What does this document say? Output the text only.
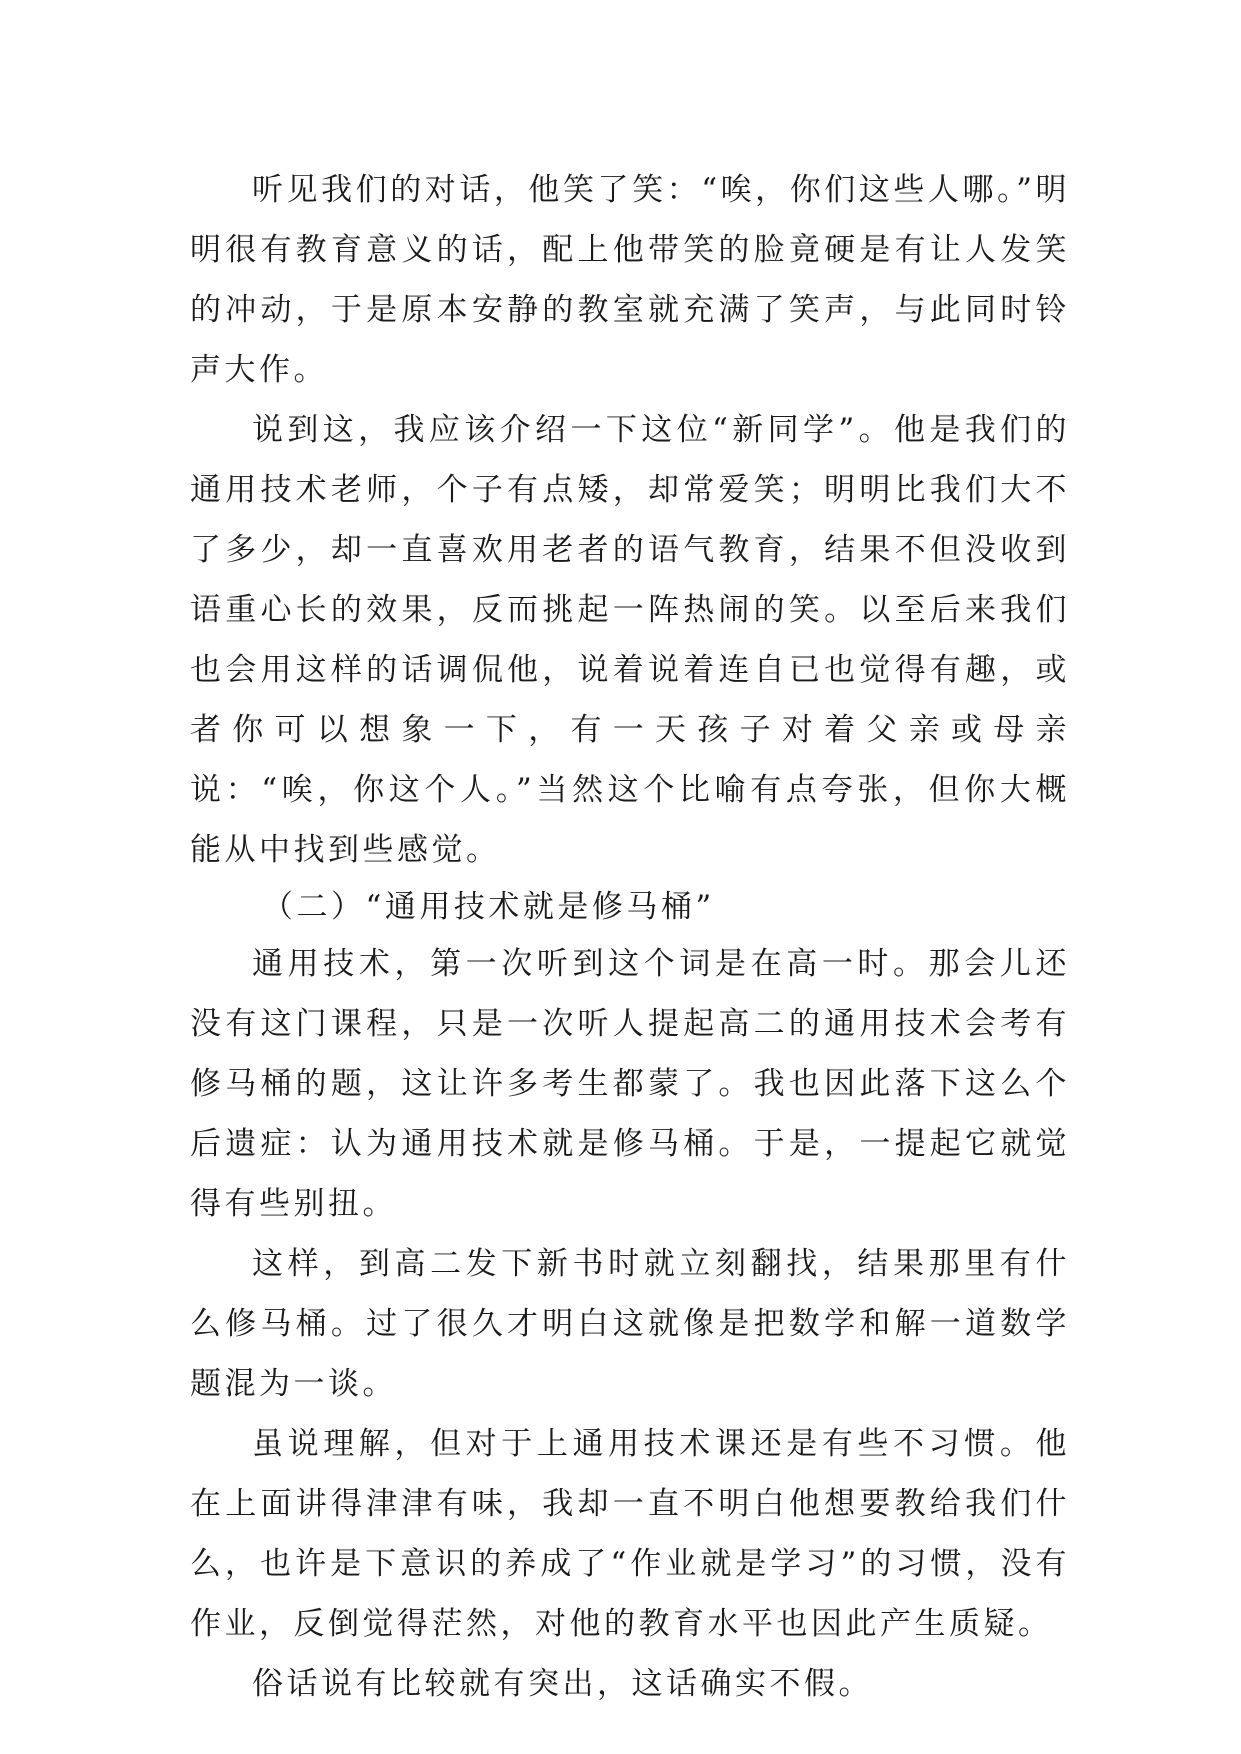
听见我们的对话，他笑了笑：“唉，你们这些人哪。”明明很有教育意义的话，配上他带笑的脸竟硬是有让人发笑的冲动，于是原本安静的教室就充满了笑声，与此同时铃声大作。

说到这，我应该介绍一下这位“新同学”。他是我们的通用技术老师，个子有点矮，却常爱笑；明明比我们大不了多少，却一直喜欢用老者的语气教育，结果不但没收到语重心长的效果，反而挑起一阵热闹的笑。以至后来我们也会用这样的话调侃他，说着说着连自已也觉得有趣，或者你可以想象一下，有一天孩子对着父亲或母亲说：“唉，你这个人。”当然这个比喻有点夸张，但你大概能从中找到些感觉。

（二）“通用技术就是修马桶”

通用技术，第一次听到这个词是在高一时。那会儿还没有这门课程，只是一次听人提起高二的通用技术会考有修马桶的题，这让许多考生都蒙了。我也因此落下这么个后遗症：认为通用技术就是修马桶。于是，一提起它就觉得有些别扭。

这样，到高二发下新书时就立刻翻找，结果那里有什么修马桶。过了很久才明白这就像是把数学和解一道数学题混为一谈。

虽说理解，但对于上通用技术课还是有些不习惯。他在上面讲得津津有味，我却一直不明白他想要教给我们什么，也许是下意识的养成了“作业就是学习”的习惯，没有作业，反倒觉得茫然，对他的教育水平也因此产生质疑。

俗话说有比较就有突出，这话确实不假。
